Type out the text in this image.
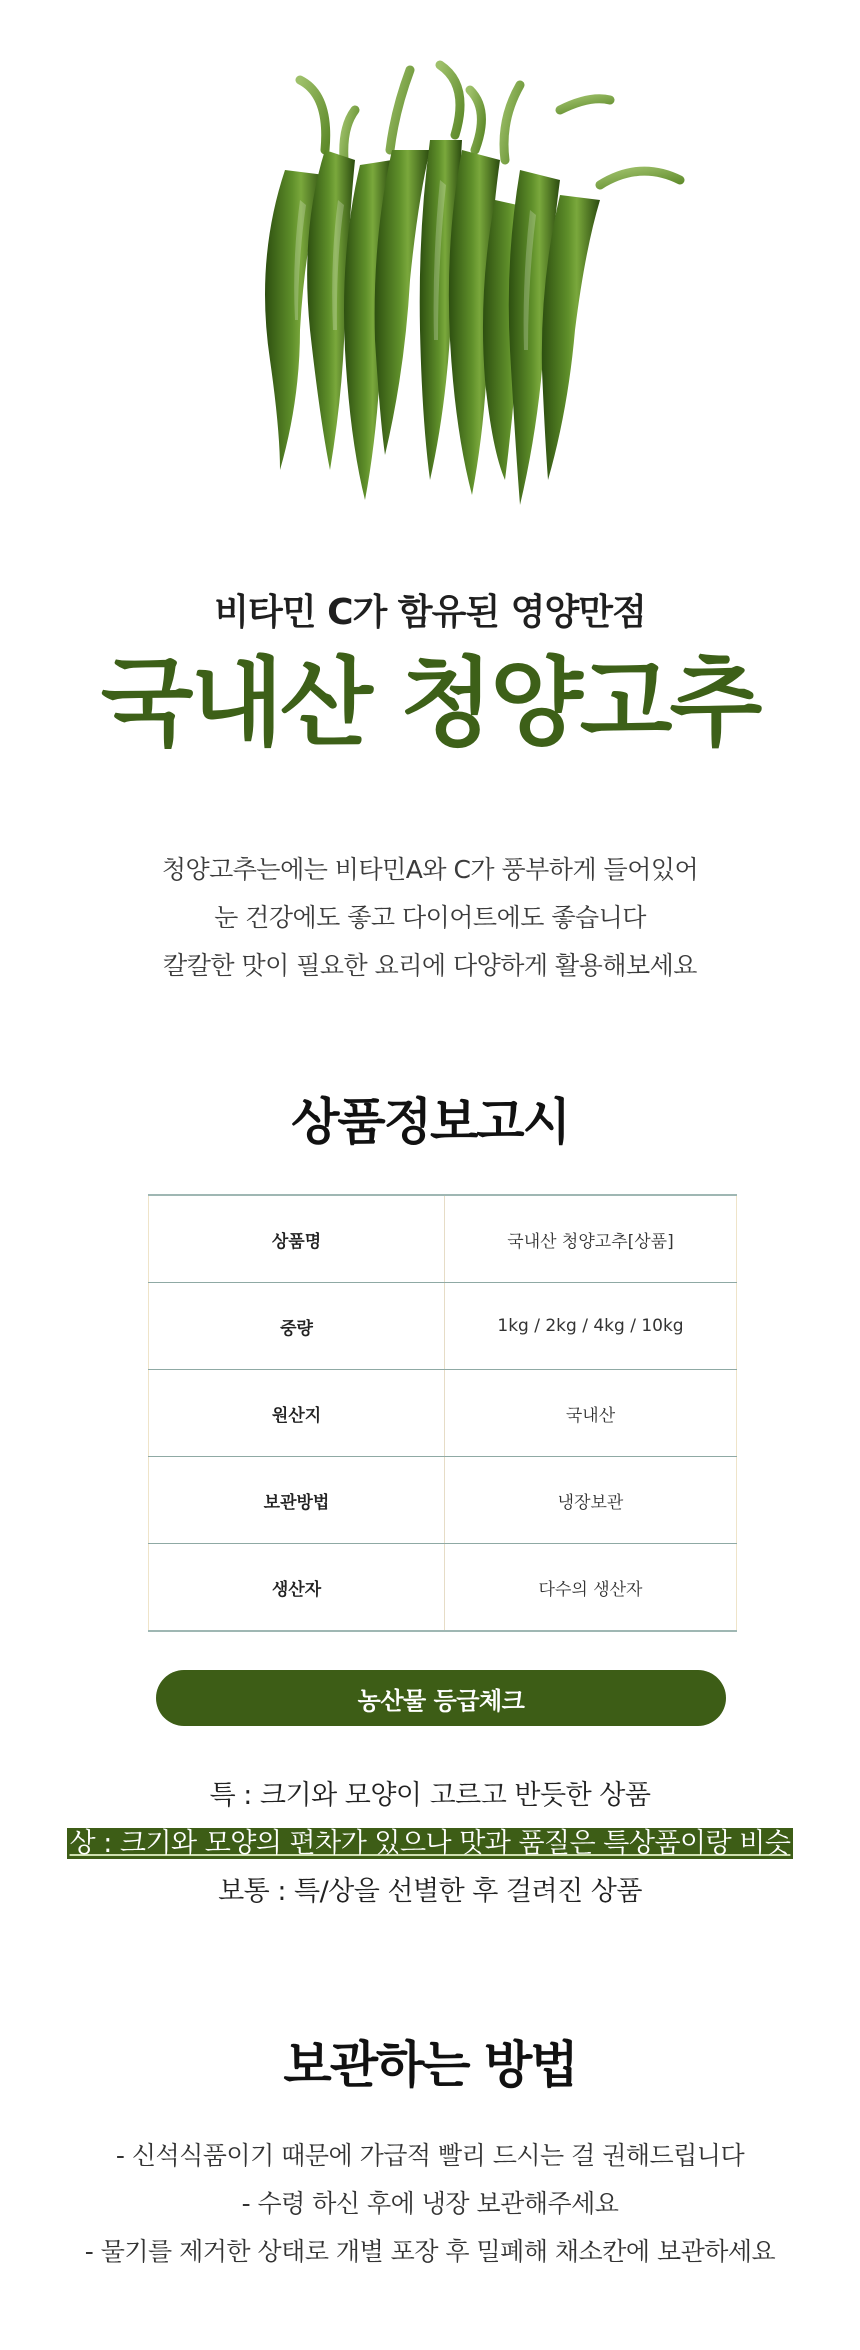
비타민 C가 함유된 영양만점
국내산 청양고추
청양고추는에는 비타민A와 C가 풍부하게 들어있어
눈 건강에도 좋고 다이어트에도 좋습니다
칼칼한 맛이 필요한 요리에 다양하게 활용해보세요
상품정보고시
상품명	국내산 청양고추[상품]
중량	1kg / 2kg / 4kg / 10kg
원산지	국내산
보관방법	냉장보관
생산자	다수의 생산자
농산물 등급체크
특 : 크기와 모양이 고르고 반듯한 상품
상 : 크기와 모양의 편차가 있으나 맛과 품질은 특상품이랑 비슷
보통 : 특/상을 선별한 후 걸려진 상품
보관하는 방법
- 신석식품이기 때문에 가급적 빨리 드시는 걸 권해드립니다
- 수령 하신 후에 냉장 보관해주세요
- 물기를 제거한 상태로 개별 포장 후 밀폐해 채소칸에 보관하세요
